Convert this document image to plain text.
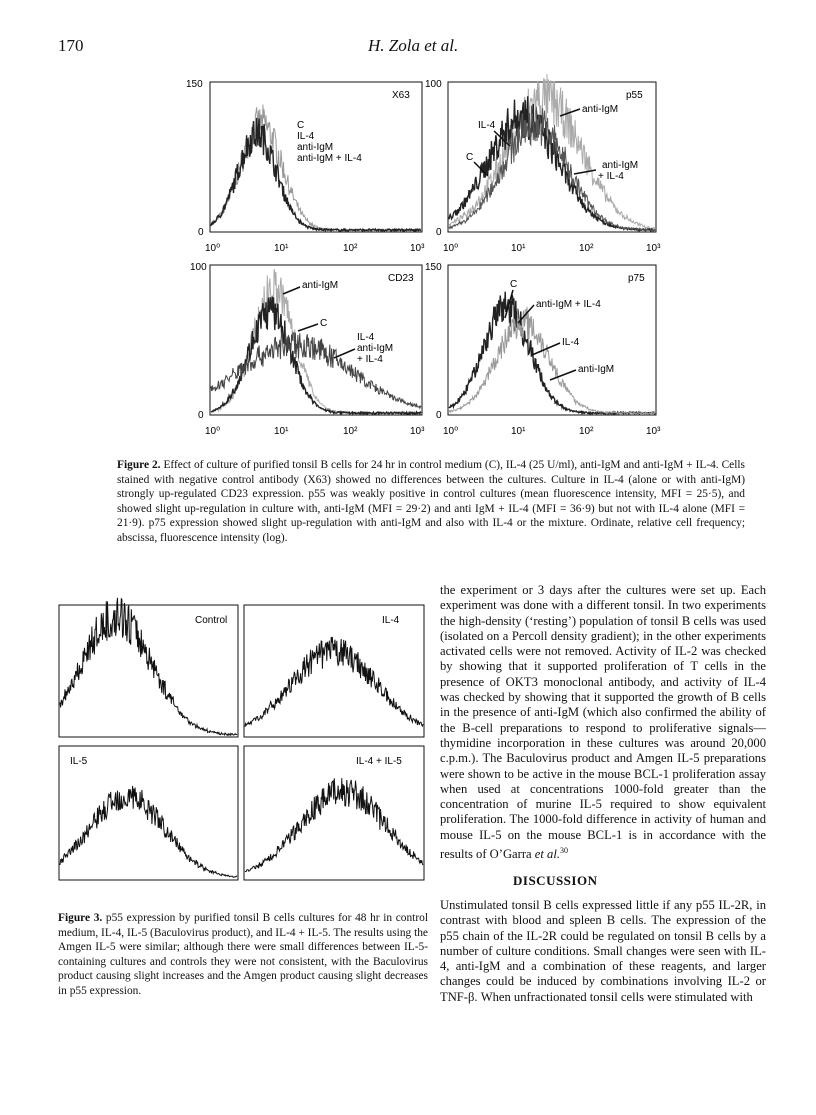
170	H. Zola et al.
X63	p55
CD23	p75
150
0
100
0
100
0
150
0
10⁰	10¹	10²	10³ 10⁰	10¹	10²	10³
10⁰	10¹	10²	10³ 10⁰	10¹	10²	10³
C
IL-4
anti-IgM
anti-IgM + IL-4
IL-4
anti-IgM
C
anti-IgM
+ IL-4
anti-IgM
C
IL-4
anti-IgM
+ IL-4
C
anti-IgM + IL-4
IL-4
anti-IgM
Figure 2. Effect of culture of purified tonsil B cells for 24 hr in control medium (C), IL-4 (25 U/ml), anti-IgM and anti-IgM + IL-4. Cells stained with negative control antibody (X63) showed no differences between the cultures. Culture in IL-4 (alone or with anti-IgM) strongly up-regulated CD23 expression. p55 was weakly positive in control cultures (mean fluorescence intensity, MFI = 25·5), and showed slight up-regulation in culture with, anti-IgM (MFI = 29·2) and anti IgM + IL-4 (MFI = 36·9) but not with IL-4 alone (MFI = 21·9). p75 expression showed slight up-regulation with anti-IgM and also with IL-4 or the mixture. Ordinate, relative cell frequency; abscissa, fluorescence intensity (log).
Control	IL-4
IL-5	IL-4 + IL-5
Figure 3. p55 expression by purified tonsil B cells cultures for 48 hr in control medium, IL-4, IL-5 (Baculovirus product), and IL-4 + IL-5. The results using the Amgen IL-5 were similar; although there were small differences between IL-5-containing cultures and controls they were not consistent, with the Baculovirus product causing slight increases and the Amgen product causing slight decreases in p55 expression.
the experiment or 3 days after the cultures were set up. Each experiment was done with a different tonsil. In two experiments the high-density (‘resting’) population of tonsil B cells was used (isolated on a Percoll density gradient); in the other experiments activated cells were not removed. Activity of IL-2 was checked by showing that it supported proliferation of T cells in the presence of OKT3 monoclonal antibody, and activity of IL-4 was checked by showing that it supported the growth of B cells in the presence of anti-IgM (which also confirmed the ability of the B-cell preparations to respond to proliferative signals—thymidine incorporation in these cultures was around 20,000 c.p.m.). The Baculovirus product and Amgen IL-5 preparations were shown to be active in the mouse BCL-1 proliferation assay when used at concentrations 1000-fold greater than the concentration of murine IL-5 required to show equivalent proliferation. The 1000-fold difference in activity of human and mouse IL-5 on the mouse BCL-1 is in accordance with the results of O’Garra et al.$^{30}$
DISCUSSION
Unstimulated tonsil B cells expressed little if any p55 IL-2R, in contrast with blood and spleen B cells. The expression of the p55 chain of the IL-2R could be regulated on tonsil B cells by a number of culture conditions. Small changes were seen with IL-4, anti-IgM and a combination of these reagents, and larger changes could be induced by combinations involving IL-2 or TNF-β. When unfractionated tonsil cells were stimulated with
